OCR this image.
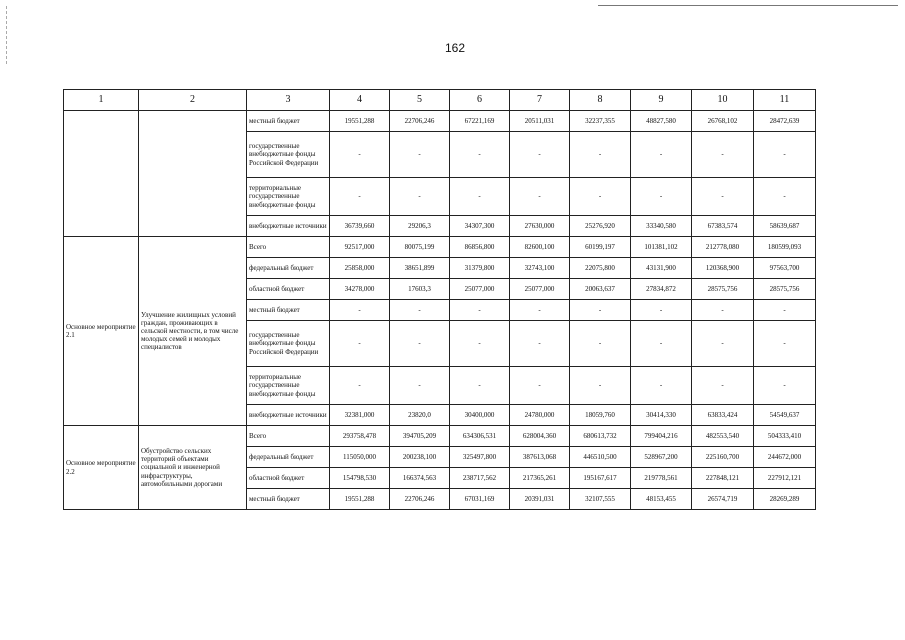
162
1	2	3	4	5	6	7	8	9	10	11
		местный бюджет	19551,288	22706,246	67221,169	20511,031	32237,355	48827,580	26768,102	28472,639
		государственные внебюджетные фонды Российской Федерации	-	-	-	-	-	-	-	-
		территориальные государственные внебюджетные фонды	-	-	-	-	-	-	-	-
		внебюджетные источники	36739,660	29206,3	34307,300	27630,000	25276,920	33340,580	67383,574	58639,687
Основное мероприятие 2.1	Улучшение жилищных условий граждан, проживающих в сельской местности, в том числе молодых семей и молодых специалистов	Всего	92517,000	80075,199	86856,800	82600,100	60199,197	101381,102	212778,080	180599,093
		федеральный бюджет	25858,000	38651,899	31379,800	32743,100	22075,800	43131,900	120368,900	97563,700
		областной бюджет	34278,000	17603,3	25077,000	25077,000	20063,637	27834,872	28575,756	28575,756
		местный бюджет	-	-	-	-	-	-	-	-
		государственные внебюджетные фонды Российской Федерации	-	-	-	-	-	-	-	-
		территориальные государственные внебюджетные фонды	-	-	-	-	-	-	-	-
		внебюджетные источники	32381,000	23820,0	30400,000	24780,000	18059,760	30414,330	63833,424	54549,637
Основное мероприятие 2.2	Обустройство сельских территорий объектами социальной и инженерной инфраструктуры, автомобильными дорогами	Всего	293758,478	394705,209	634306,531	628004,360	680613,732	799404,216	482553,540	504333,410
		федеральный бюджет	115050,000	200238,100	325497,800	387613,068	446510,500	528967,200	225160,700	244672,000
		областной бюджет	154798,530	166374,563	238717,562	217365,261	195167,617	219778,561	227848,121	227912,121
		местный бюджет	19551,288	22706,246	67031,169	20391,031	32107,555	48153,455	26574,719	28269,289
